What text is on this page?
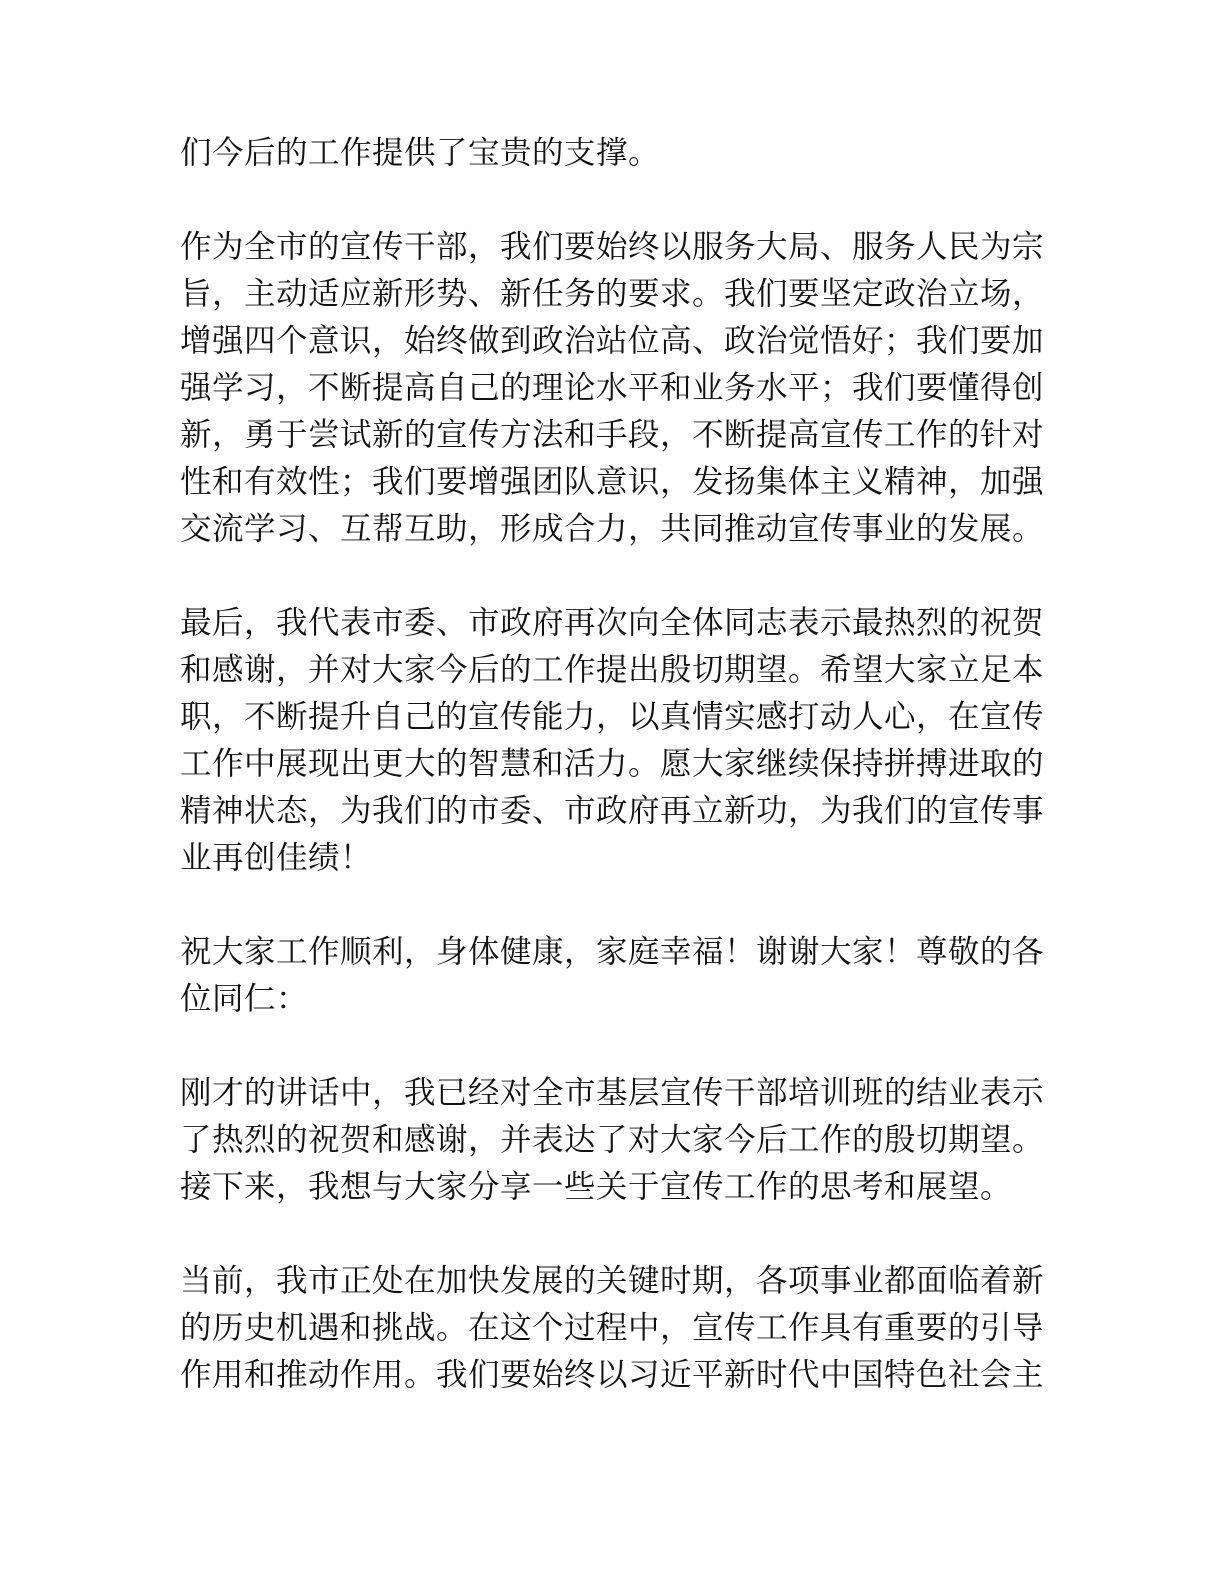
们今后的工作提供了宝贵的支撑。
作为全市的宣传干部，我们要始终以服务大局、服务人民为宗
旨，主动适应新形势、新任务的要求。我们要坚定政治立场，
增强四个意识，始终做到政治站位高、政治觉悟好；我们要加
强学习，不断提高自己的理论水平和业务水平；我们要懂得创
新，勇于尝试新的宣传方法和手段，不断提高宣传工作的针对
性和有效性；我们要增强团队意识，发扬集体主义精神，加强
交流学习、互帮互助，形成合力，共同推动宣传事业的发展。
最后，我代表市委、市政府再次向全体同志表示最热烈的祝贺
和感谢，并对大家今后的工作提出殷切期望。希望大家立足本
职，不断提升自己的宣传能力，以真情实感打动人心，在宣传
工作中展现出更大的智慧和活力。愿大家继续保持拼搏进取的
精神状态，为我们的市委、市政府再立新功，为我们的宣传事
业再创佳绩！
祝大家工作顺利，身体健康，家庭幸福！谢谢大家！尊敬的各
位同仁：
刚才的讲话中，我已经对全市基层宣传干部培训班的结业表示
了热烈的祝贺和感谢，并表达了对大家今后工作的殷切期望。
接下来，我想与大家分享一些关于宣传工作的思考和展望。
当前，我市正处在加快发展的关键时期，各项事业都面临着新
的历史机遇和挑战。在这个过程中，宣传工作具有重要的引导
作用和推动作用。我们要始终以习近平新时代中国特色社会主
